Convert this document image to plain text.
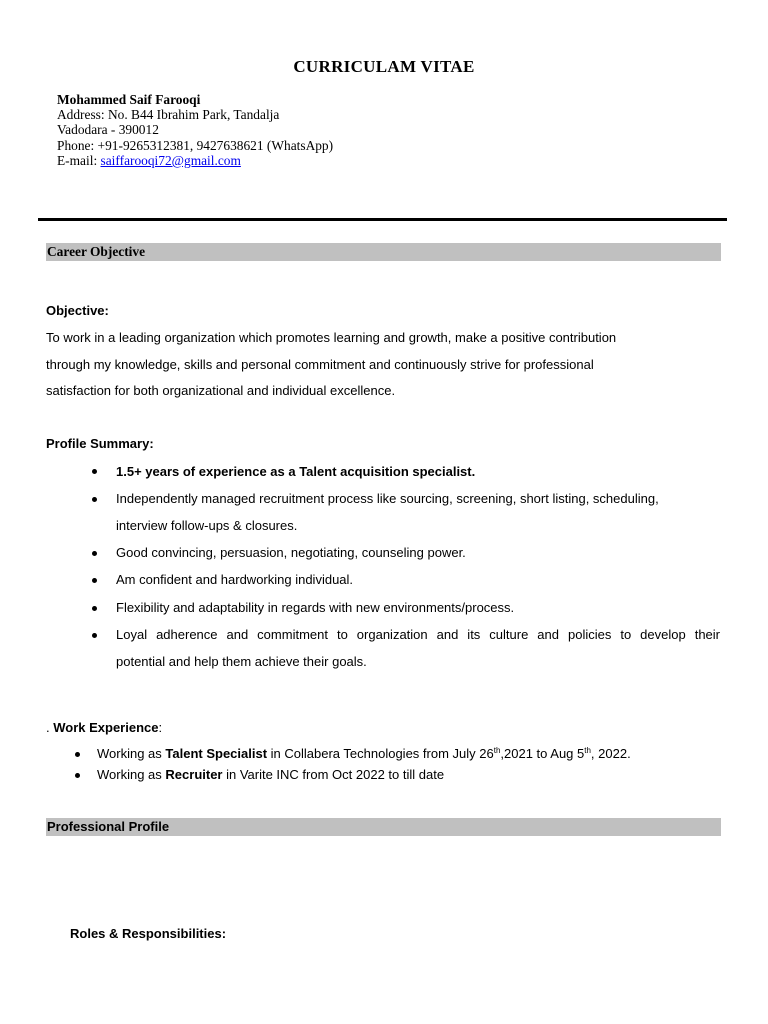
CURRICULAM VITAE
Mohammed Saif Farooqi
Address: No. B44 Ibrahim Park, Tandalja
Vadodara - 390012
Phone: +91-9265312381, 9427638621 (WhatsApp)
E-mail: saiffarooqi72@gmail.com
Career Objective
Objective:
To work in a leading organization which promotes learning and growth, make a positive contribution
through my knowledge, skills and personal commitment and continuously strive for professional
satisfaction for both organizational and individual excellence.
Profile Summary:
1.5+ years of experience as a Talent acquisition specialist.
Independently managed recruitment process like sourcing, screening, short listing, scheduling,
interview follow-ups & closures.
Good convincing, persuasion, negotiating, counseling power.
Am confident and hardworking individual.
Flexibility and adaptability in regards with new environments/process.
Loyal adherence and commitment to organization and its culture and policies to develop their
potential and help them achieve their goals.
. Work Experience:
Working as Talent Specialist in Collabera Technologies from July 26th,2021 to Aug 5th, 2022.
Working as Recruiter in Varite INC from Oct 2022 to till date
Professional Profile
Roles & Responsibilities:
